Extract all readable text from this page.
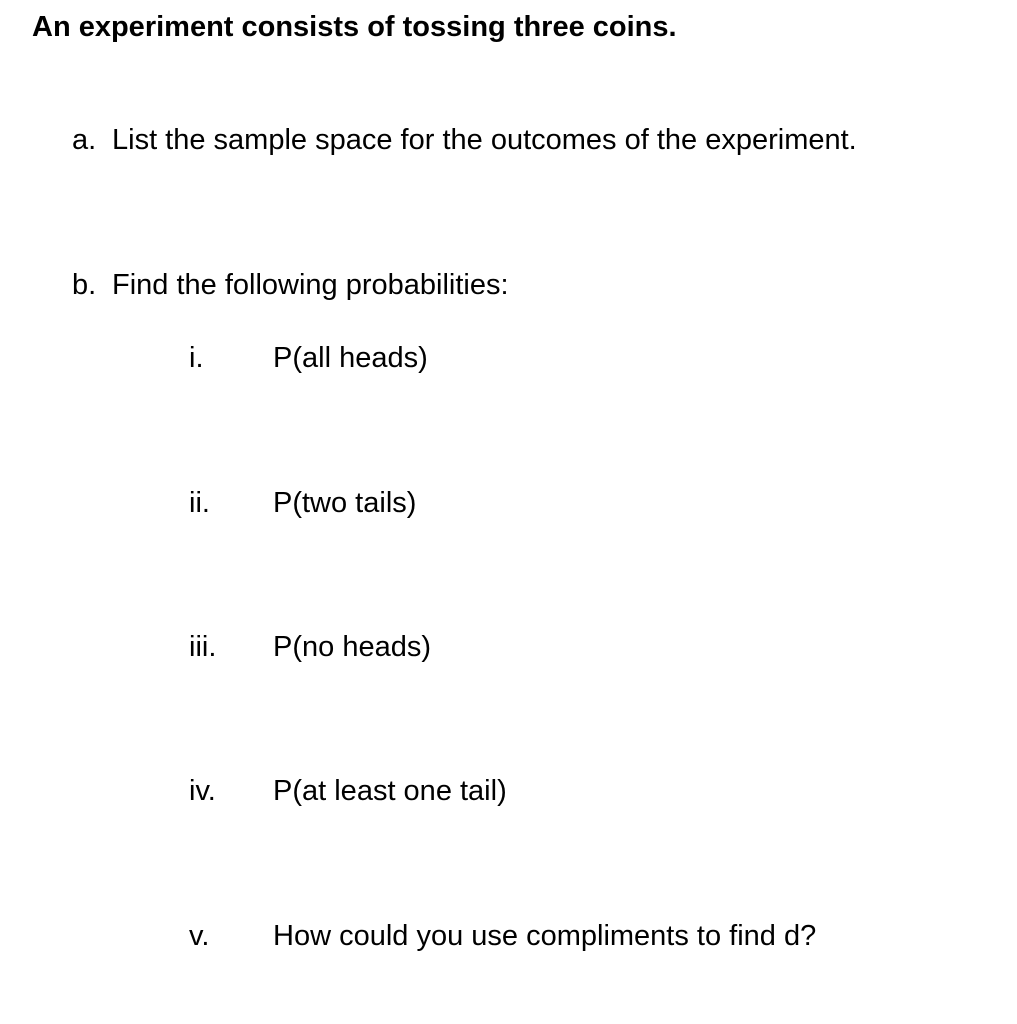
An experiment consists of tossing three coins.
a. List the sample space for the outcomes of the experiment.
b. Find the following probabilities:
i. P(all heads)
ii. P(two tails)
iii. P(no heads)
iv. P(at least one tail)
v. How could you use compliments to find d?
